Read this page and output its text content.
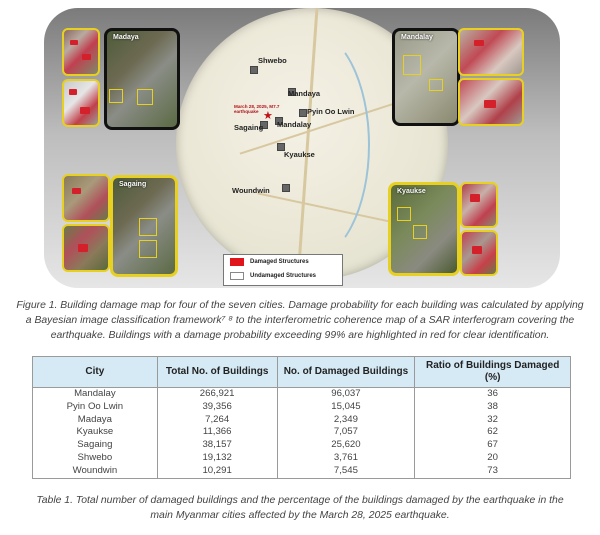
Shwebo
Mandaya
Pyin Oo Lwin
Mandalay
Sagaing
Kyaukse
Woundwin
★
March 28, 2025, M7.7 earthquake
Madaya
Sagaing
Mandalay
Kyaukse
Damaged Structures
Undamaged Structures
Figure 1. Building damage map for four of the seven cities. Damage probability for each building was calculated by applying a Bayesian image classification framework⁷ ⁸ to the interferometric coherence map of a SAR interferogram covering the earthquake. Buildings with a damage probability exceeding 99% are highlighted in red for clear identification.
City	Total No. of Buildings	No. of Damaged Buildings	Ratio of Buildings Damaged (%)
Mandalay	266,921	96,037	36
Pyin Oo Lwin	39,356	15,045	38
Madaya	7,264	2,349	32
Kyaukse	11,366	7,057	62
Sagaing	38,157	25,620	67
Shwebo	19,132	3,761	20
Woundwin	10,291	7,545	73
Table 1. Total number of damaged buildings and the percentage of the buildings damaged by the earthquake in the main Myanmar cities affected by the March 28, 2025 earthquake.
